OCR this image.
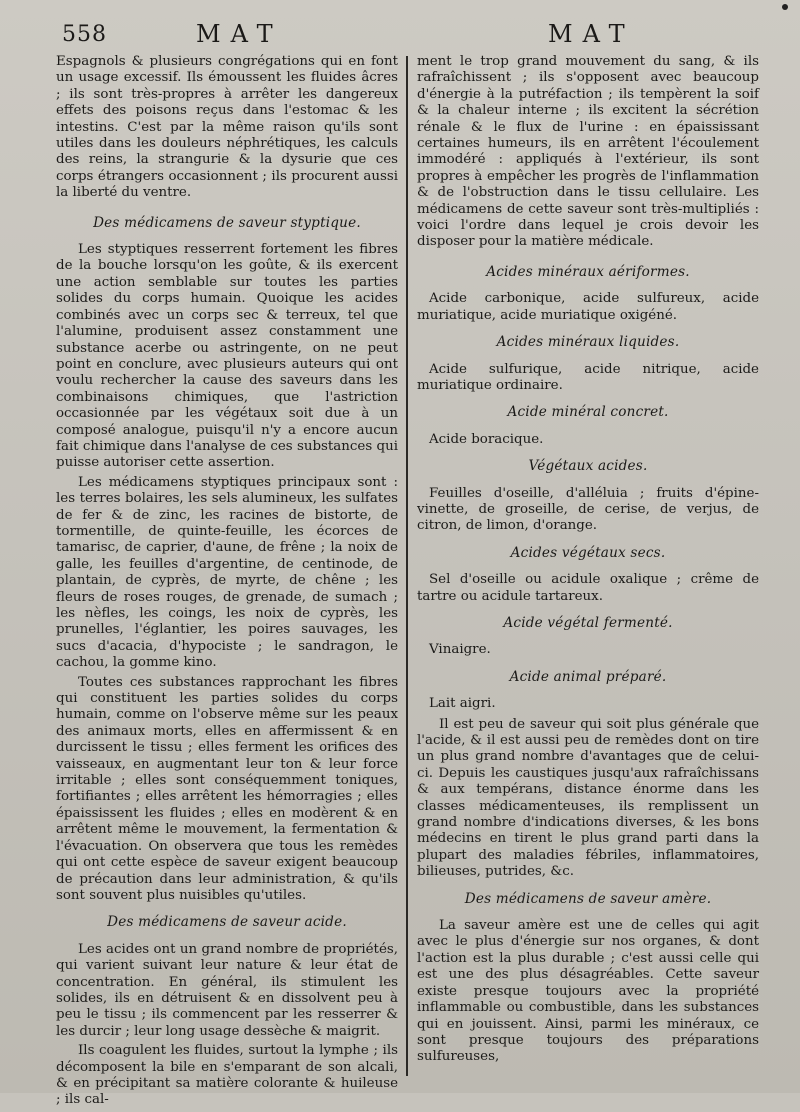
558	MAT	MAT

Espagnols & plusieurs congrégations qui en font un usage excessif. Ils émoussent les fluides âcres ; ils sont très-propres à arrêter les dangereux effets des poisons reçus dans l'estomac & les intestins. C'est par la même raison qu'ils sont utiles dans les douleurs néphrétiques, les calculs des reins, la strangurie & la dysurie que ces corps étrangers occasionnent ; ils procurent aussi la liberté du ventre.

Des médicamens de saveur styptique.

Les styptiques resserrent fortement les fibres de la bouche lorsqu'on les goûte, & ils exercent une action semblable sur toutes les parties solides du corps humain. Quoique les acides combinés avec un corps sec & terreux, tel que l'alumine, produisent assez constamment une substance acerbe ou astringente, on ne peut point en conclure, avec plusieurs auteurs qui ont voulu rechercher la cause des saveurs dans les combinaisons chimiques, que l'astriction occasionnée par les végétaux soit due à un composé analogue, puisqu'il n'y a encore aucun fait chimique dans l'analyse de ces substances qui puisse autoriser cette assertion.

Les médicamens styptiques principaux sont : les terres bolaires, les sels alumineux, les sulfates de fer & de zinc, les racines de bistorte, de tormentille, de quinte-feuille, les écorces de tamarisc, de caprier, d'aune, de frêne ; la noix de galle, les feuilles d'argentine, de centinode, de plantain, de cyprès, de myrte, de chêne ; les fleurs de roses rouges, de grenade, de sumach ; les nèfles, les coings, les noix de cyprès, les prunelles, l'églantier, les poires sauvages, les sucs d'acacia, d'hypociste ; le sandragon, le cachou, la gomme kino.

Toutes ces substances rapprochant les fibres qui constituent les parties solides du corps humain, comme on l'observe même sur les peaux des animaux morts, elles en affermissent & en durcissent le tissu ; elles ferment les orifices des vaisseaux, en augmentant leur ton & leur force irritable ; elles sont conséquemment toniques, fortifiantes ; elles arrêtent les hémorragies ; elles épaississent les fluides ; elles en modèrent & en arrêtent même le mouvement, la fermentation & l'évacuation. On observera que tous les remèdes qui ont cette espèce de saveur exigent beaucoup de précaution dans leur administration, & qu'ils sont souvent plus nuisibles qu'utiles.

Des médicamens de saveur acide.

Les acides ont un grand nombre de propriétés, qui varient suivant leur nature & leur état de concentration. En général, ils stimulent les solides, ils en détruisent & en dissolvent peu à peu le tissu ; ils commencent par les resserrer & les durcir ; leur long usage dessèche & maigrit.

Ils coagulent les fluides, surtout la lymphe ; ils décomposent la bile en s'emparant de son alcali, & en précipitant sa matière colorante & huileuse ; ils cal-

ment le trop grand mouvement du sang, & ils rafraîchissent ; ils s'opposent avec beaucoup d'énergie à la putréfaction ; ils tempèrent la soif & la chaleur interne ; ils excitent la sécrétion rénale & le flux de l'urine : en épaississant certaines humeurs, ils en arrêtent l'écoulement immodéré : appliqués à l'extérieur, ils sont propres à empêcher les progrès de l'inflammation & de l'obstruction dans le tissu cellulaire. Les médicamens de cette saveur sont très-multipliés : voici l'ordre dans lequel je crois devoir les disposer pour la matière médicale.

Acides minéraux aériformes.

Acide carbonique, acide sulfureux, acide muriatique, acide muriatique oxigéné.

Acides minéraux liquides.

Acide sulfurique, acide nitrique, acide muriatique ordinaire.

Acide minéral concret.

Acide boracique.

Végétaux acides.

Feuilles d'oseille, d'alléluia ; fruits d'épine-vinette, de groseille, de cerise, de verjus, de citron, de limon, d'orange.

Acides végétaux secs.

Sel d'oseille ou acidule oxalique ; crême de tartre ou acidule tartareux.

Acide végétal fermenté.

Vinaigre.

Acide animal préparé.

Lait aigri.

Il est peu de saveur qui soit plus générale que l'acide, & il est aussi peu de remèdes dont on tire un plus grand nombre d'avantages que de celui-ci. Depuis les caustiques jusqu'aux rafraîchissans & aux tempérans, distance énorme dans les classes médicamenteuses, ils remplissent un grand nombre d'indications diverses, & les bons médecins en tirent le plus grand parti dans la plupart des maladies fébriles, inflammatoires, bilieuses, putrides, &c.

Des médicamens de saveur amère.

La saveur amère est une de celles qui agit avec le plus d'énergie sur nos organes, & dont l'action est la plus durable ; c'est aussi celle qui est une des plus désagréables. Cette saveur existe presque toujours avec la propriété inflammable ou combustible, dans les substances qui en jouissent. Ainsi, parmi les minéraux, ce sont presque toujours des préparations sulfureuses,
